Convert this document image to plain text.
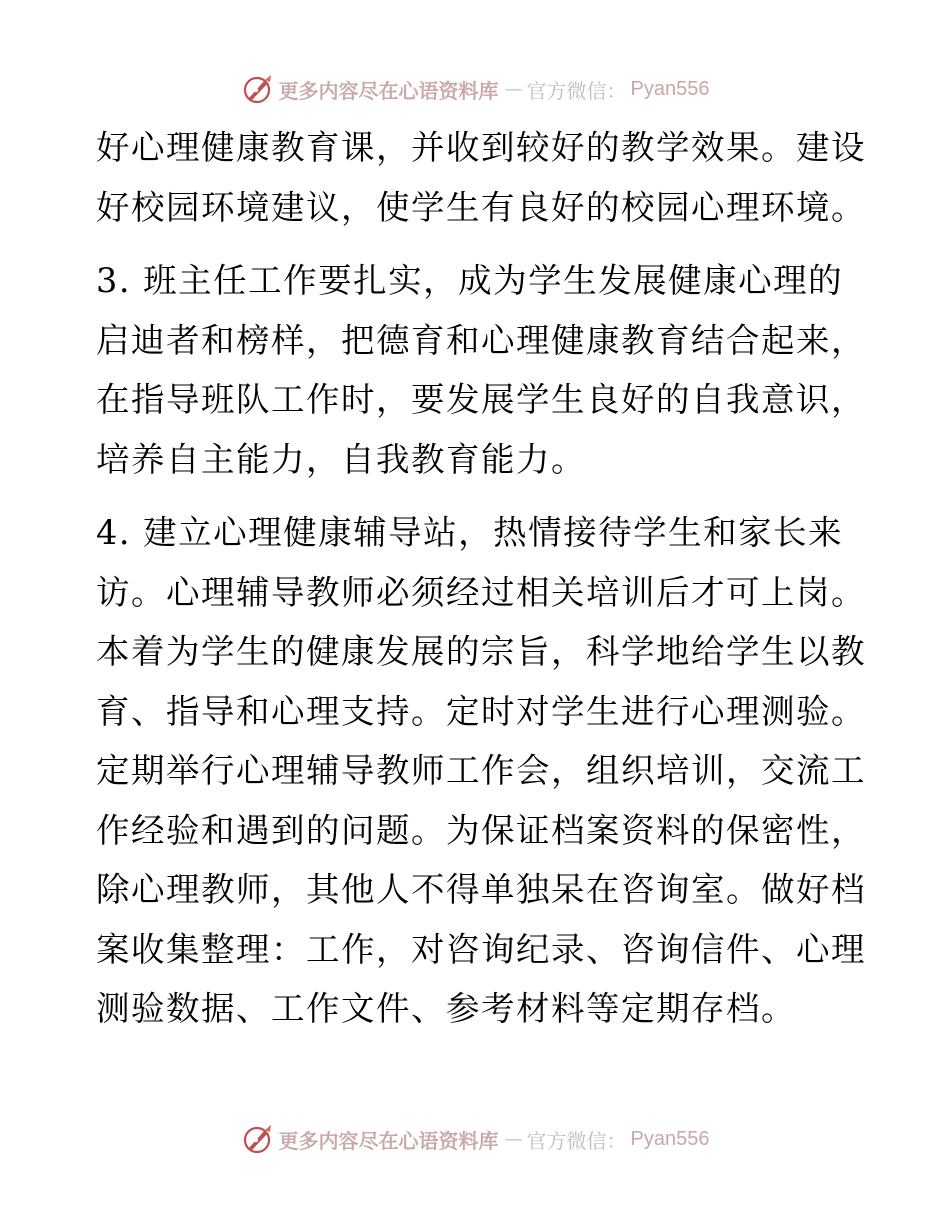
更多内容尽在心语资料库 — 官方微信： Pyan556

好心理健康教育课，并收到较好的教学效果。建设
好校园环境建议，使学生有良好的校园心理环境。

3. 班主任工作要扎实，成为学生发展健康心理的
启迪者和榜样，把德育和心理健康教育结合起来，
在指导班队工作时，要发展学生良好的自我意识，
培养自主能力，自我教育能力。

4. 建立心理健康辅导站，热情接待学生和家长来
访。心理辅导教师必须经过相关培训后才可上岗。
本着为学生的健康发展的宗旨，科学地给学生以教
育、指导和心理支持。定时对学生进行心理测验。
定期举行心理辅导教师工作会，组织培训，交流工
作经验和遇到的问题。为保证档案资料的保密性，
除心理教师，其他人不得单独呆在咨询室。做好档
案收集整理：工作，对咨询纪录、咨询信件、心理
测验数据、工作文件、参考材料等定期存档。

更多内容尽在心语资料库 — 官方微信： Pyan556
